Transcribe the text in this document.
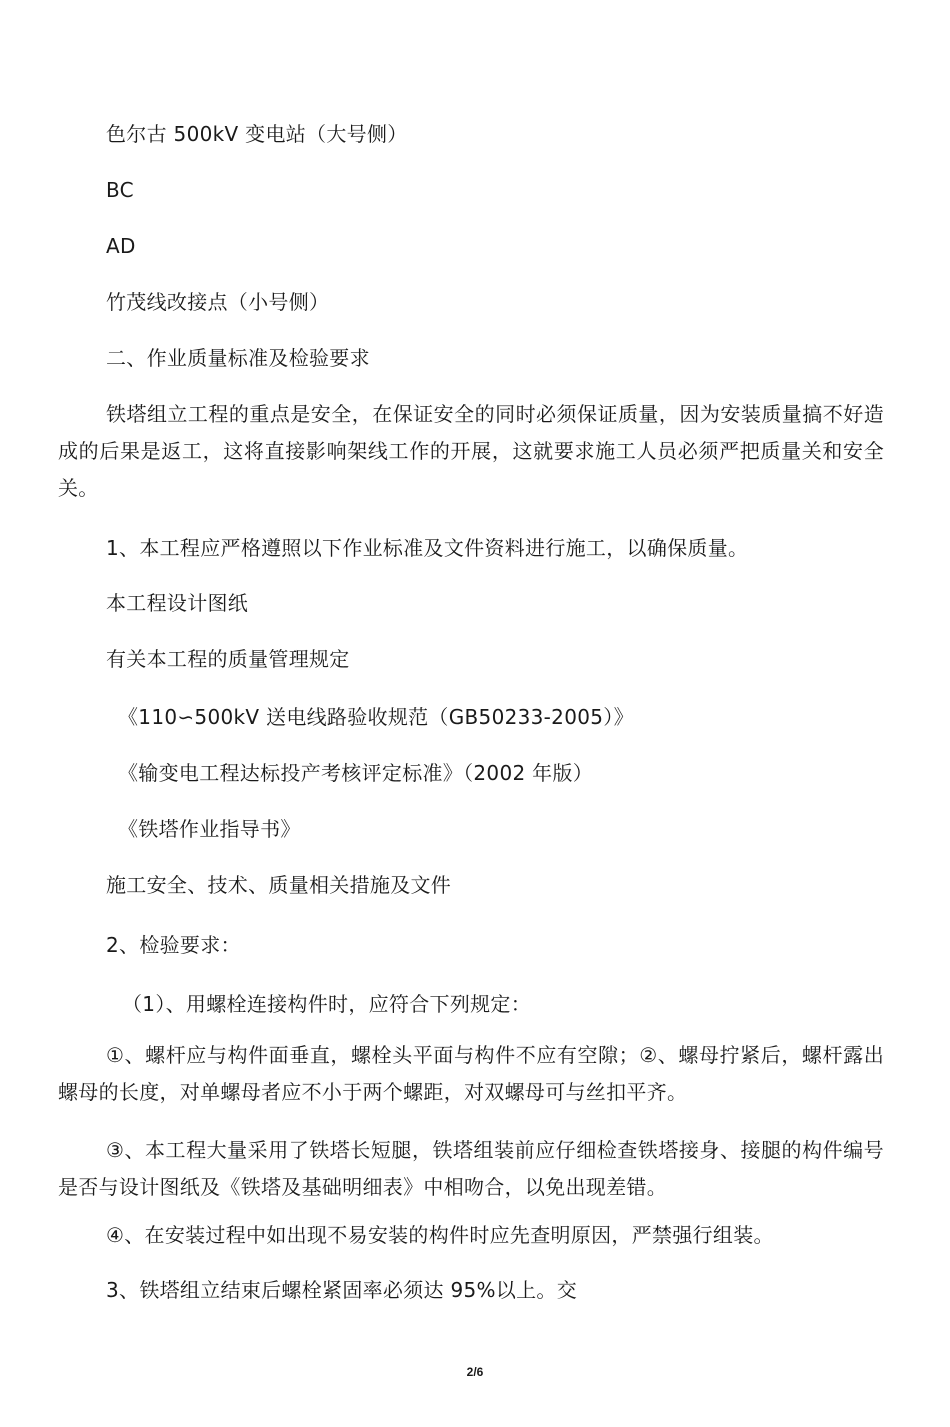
色尔古 500kV 变电站（大号侧）
BC
AD
竹茂线改接点（小号侧）
二、作业质量标准及检验要求
铁塔组立工程的重点是安全，在保证安全的同时必须保证质量，因为安装质量搞不好造成的后果是返工，这将直接影响架线工作的开展，这就要求施工人员必须严把质量关和安全关。
1、本工程应严格遵照以下作业标准及文件资料进行施工，以确保质量。
本工程设计图纸
有关本工程的质量管理规定
《110∽500kV 送电线路验收规范（GB50233-2005）》
《输变电工程达标投产考核评定标准》（2002 年版）
《铁塔作业指导书》
施工安全、技术、质量相关措施及文件
2、检验要求：
（1）、用螺栓连接构件时，应符合下列规定：
①、螺杆应与构件面垂直，螺栓头平面与构件不应有空隙；②、螺母拧紧后，螺杆露出螺母的长度，对单螺母者应不小于两个螺距，对双螺母可与丝扣平齐。
③、本工程大量采用了铁塔长短腿，铁塔组装前应仔细检查铁塔接身、接腿的构件编号是否与设计图纸及《铁塔及基础明细表》中相吻合，以免出现差错。
④、在安装过程中如出现不易安装的构件时应先查明原因，严禁强行组装。
3、铁塔组立结束后螺栓紧固率必须达 95%以上。交
2/6
